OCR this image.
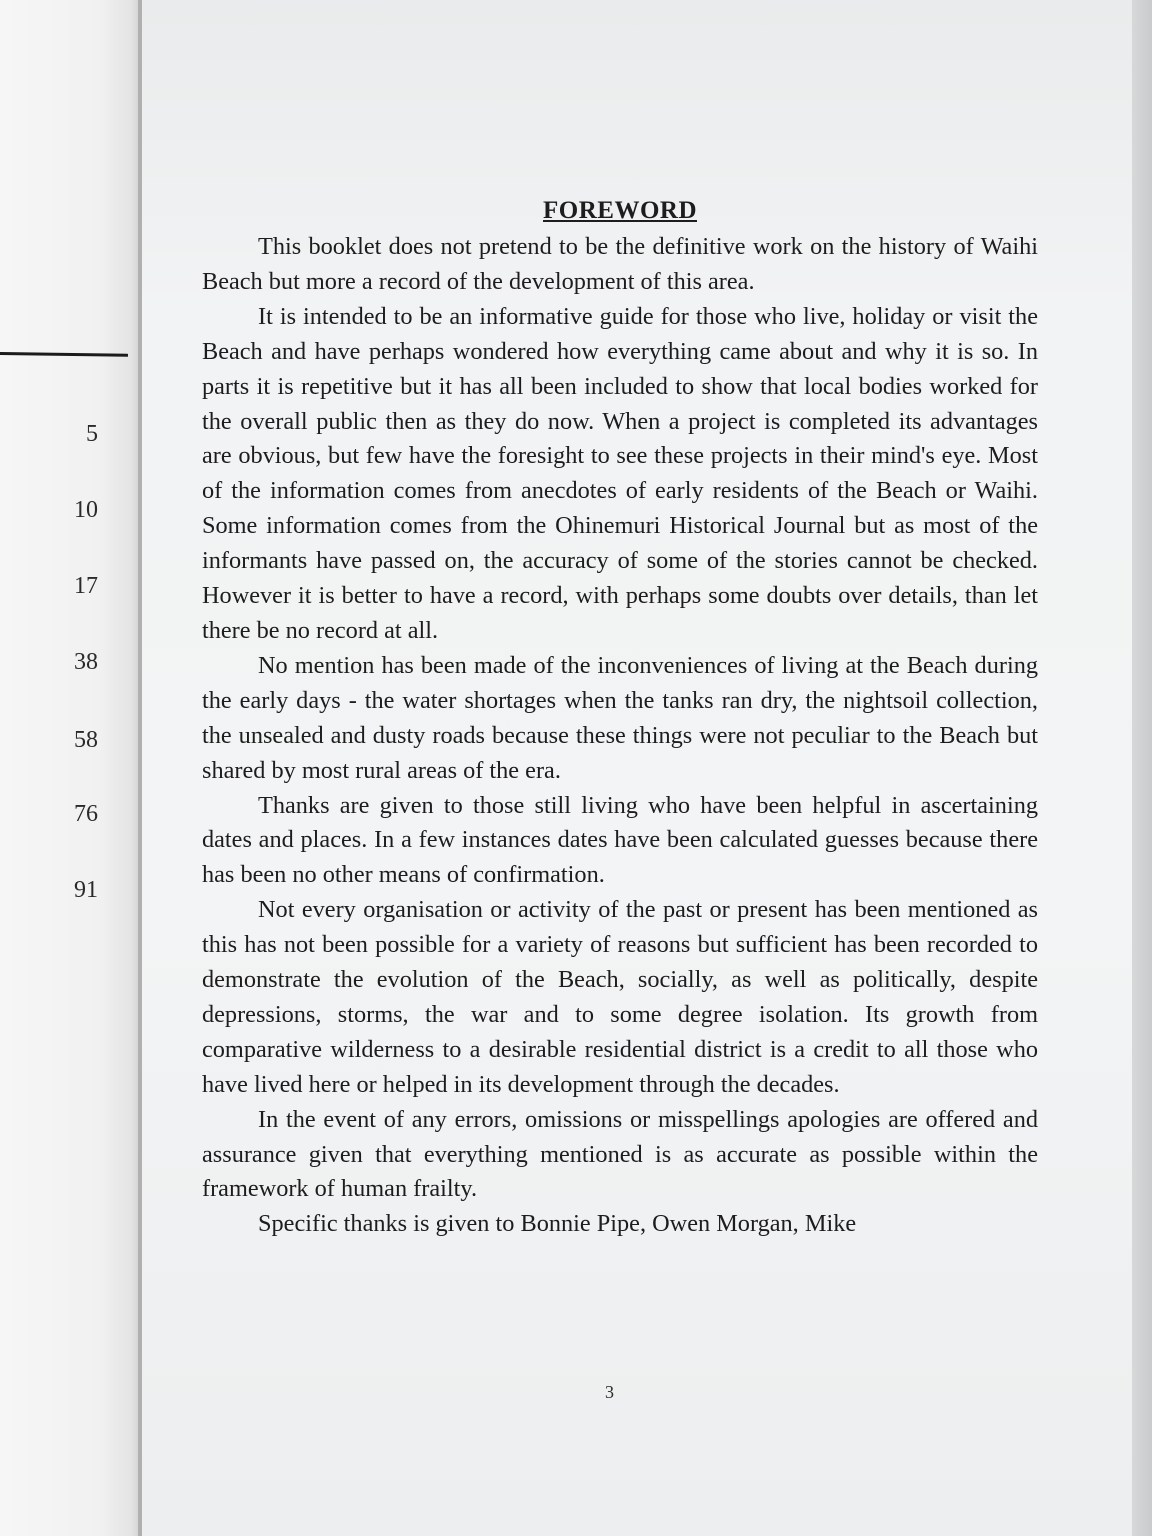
5
10
17
38
58
76
91
FOREWORD

This booklet does not pretend to be the definitive work on the history of Waihi Beach but more a record of the development of this area.

It is intended to be an informative guide for those who live, holiday or visit the Beach and have perhaps wondered how everything came about and why it is so. In parts it is repetitive but it has all been included to show that local bodies worked for the overall public then as they do now. When a project is completed its advantages are obvious, but few have the foresight to see these projects in their mind's eye. Most of the information comes from anecdotes of early residents of the Beach or Waihi. Some information comes from the Ohinemuri Historical Journal but as most of the informants have passed on, the accuracy of some of the stories cannot be checked. However it is better to have a record, with perhaps some doubts over details, than let there be no record at all.

No mention has been made of the inconveniences of living at the Beach during the early days - the water shortages when the tanks ran dry, the nightsoil collection, the unsealed and dusty roads because these things were not peculiar to the Beach but shared by most rural areas of the era.

Thanks are given to those still living who have been helpful in ascertaining dates and places. In a few instances dates have been calculated guesses because there has been no other means of confirmation.

Not every organisation or activity of the past or present has been mentioned as this has not been possible for a variety of reasons but sufficient has been recorded to demonstrate the evolution of the Beach, socially, as well as politically, despite depressions, storms, the war and to some degree isolation. Its growth from comparative wilderness to a desirable residential district is a credit to all those who have lived here or helped in its development through the decades.

In the event of any errors, omissions or misspellings apologies are offered and assurance given that everything mentioned is as accurate as possible within the framework of human frailty.

Specific thanks is given to Bonnie Pipe, Owen Morgan, Mike

3
